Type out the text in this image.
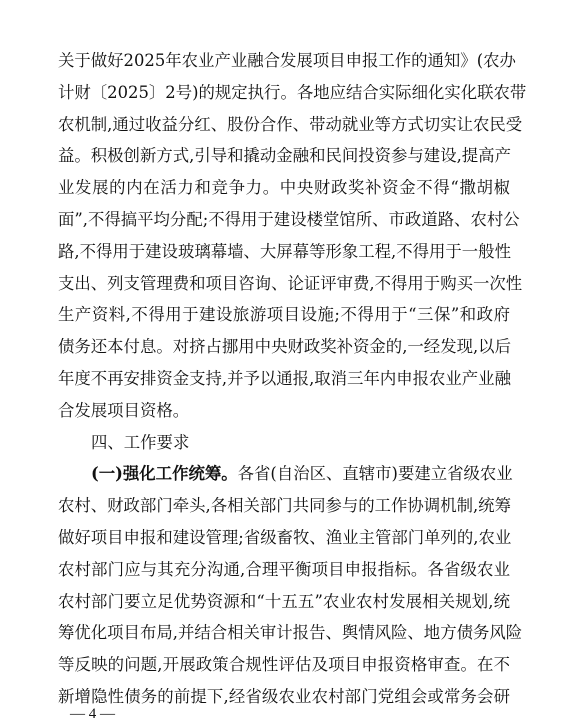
关于做好2025年农业产业融合发展项目申报工作的通知》(农办
计财〔2025〕2号)的规定执行。各地应结合实际细化实化联农带
农机制,通过收益分红、股份合作、带动就业等方式切实让农民受
益。积极创新方式,引导和撬动金融和民间投资参与建设,提高产
业发展的内在活力和竞争力。中央财政奖补资金不得“撒胡椒
面”,不得搞平均分配;不得用于建设楼堂馆所、市政道路、农村公
路,不得用于建设玻璃幕墙、大屏幕等形象工程,不得用于一般性
支出、列支管理费和项目咨询、论证评审费,不得用于购买一次性
生产资料,不得用于建设旅游项目设施;不得用于“三保”和政府
债务还本付息。对挤占挪用中央财政奖补资金的,一经发现,以后
年度不再安排资金支持,并予以通报,取消三年内申报农业产业融
合发展项目资格。
四、工作要求
(一)强化工作统筹。各省(自治区、直辖市)要建立省级农业
农村、财政部门牵头,各相关部门共同参与的工作协调机制,统筹
做好项目申报和建设管理;省级畜牧、渔业主管部门单列的,农业
农村部门应与其充分沟通,合理平衡项目申报指标。各省级农业
农村部门要立足优势资源和“十五五”农业农村发展相关规划,统
筹优化项目布局,并结合相关审计报告、舆情风险、地方债务风险
等反映的问题,开展政策合规性评估及项目申报资格审查。在不
新增隐性债务的前提下,经省级农业农村部门党组会或常务会研
— 4 —
